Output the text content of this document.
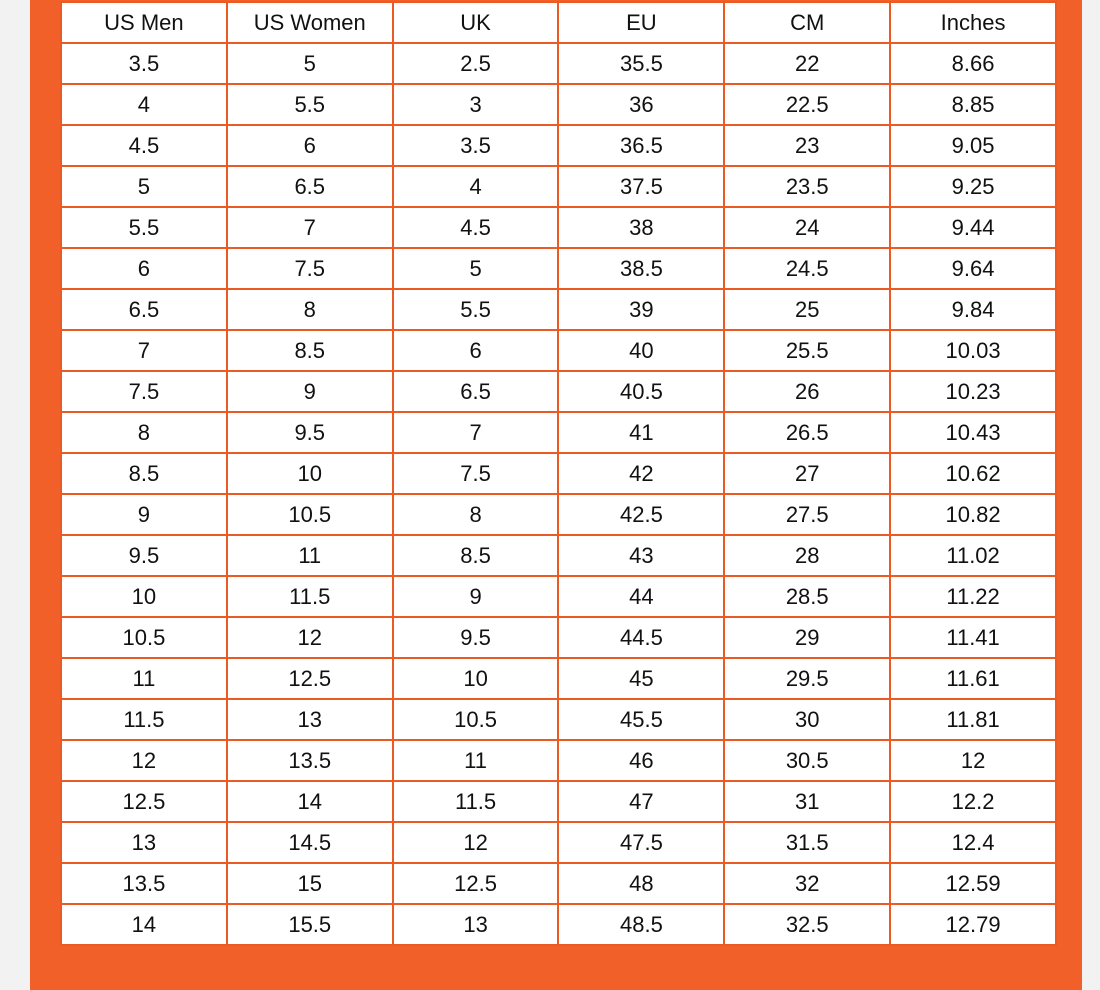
US Men	US Women	UK	EU	CM	Inches
3.5	5	2.5	35.5	22	8.66
4	5.5	3	36	22.5	8.85
4.5	6	3.5	36.5	23	9.05
5	6.5	4	37.5	23.5	9.25
5.5	7	4.5	38	24	9.44
6	7.5	5	38.5	24.5	9.64
6.5	8	5.5	39	25	9.84
7	8.5	6	40	25.5	10.03
7.5	9	6.5	40.5	26	10.23
8	9.5	7	41	26.5	10.43
8.5	10	7.5	42	27	10.62
9	10.5	8	42.5	27.5	10.82
9.5	11	8.5	43	28	11.02
10	11.5	9	44	28.5	11.22
10.5	12	9.5	44.5	29	11.41
11	12.5	10	45	29.5	11.61
11.5	13	10.5	45.5	30	11.81
12	13.5	11	46	30.5	12
12.5	14	11.5	47	31	12.2
13	14.5	12	47.5	31.5	12.4
13.5	15	12.5	48	32	12.59
14	15.5	13	48.5	32.5	12.79
